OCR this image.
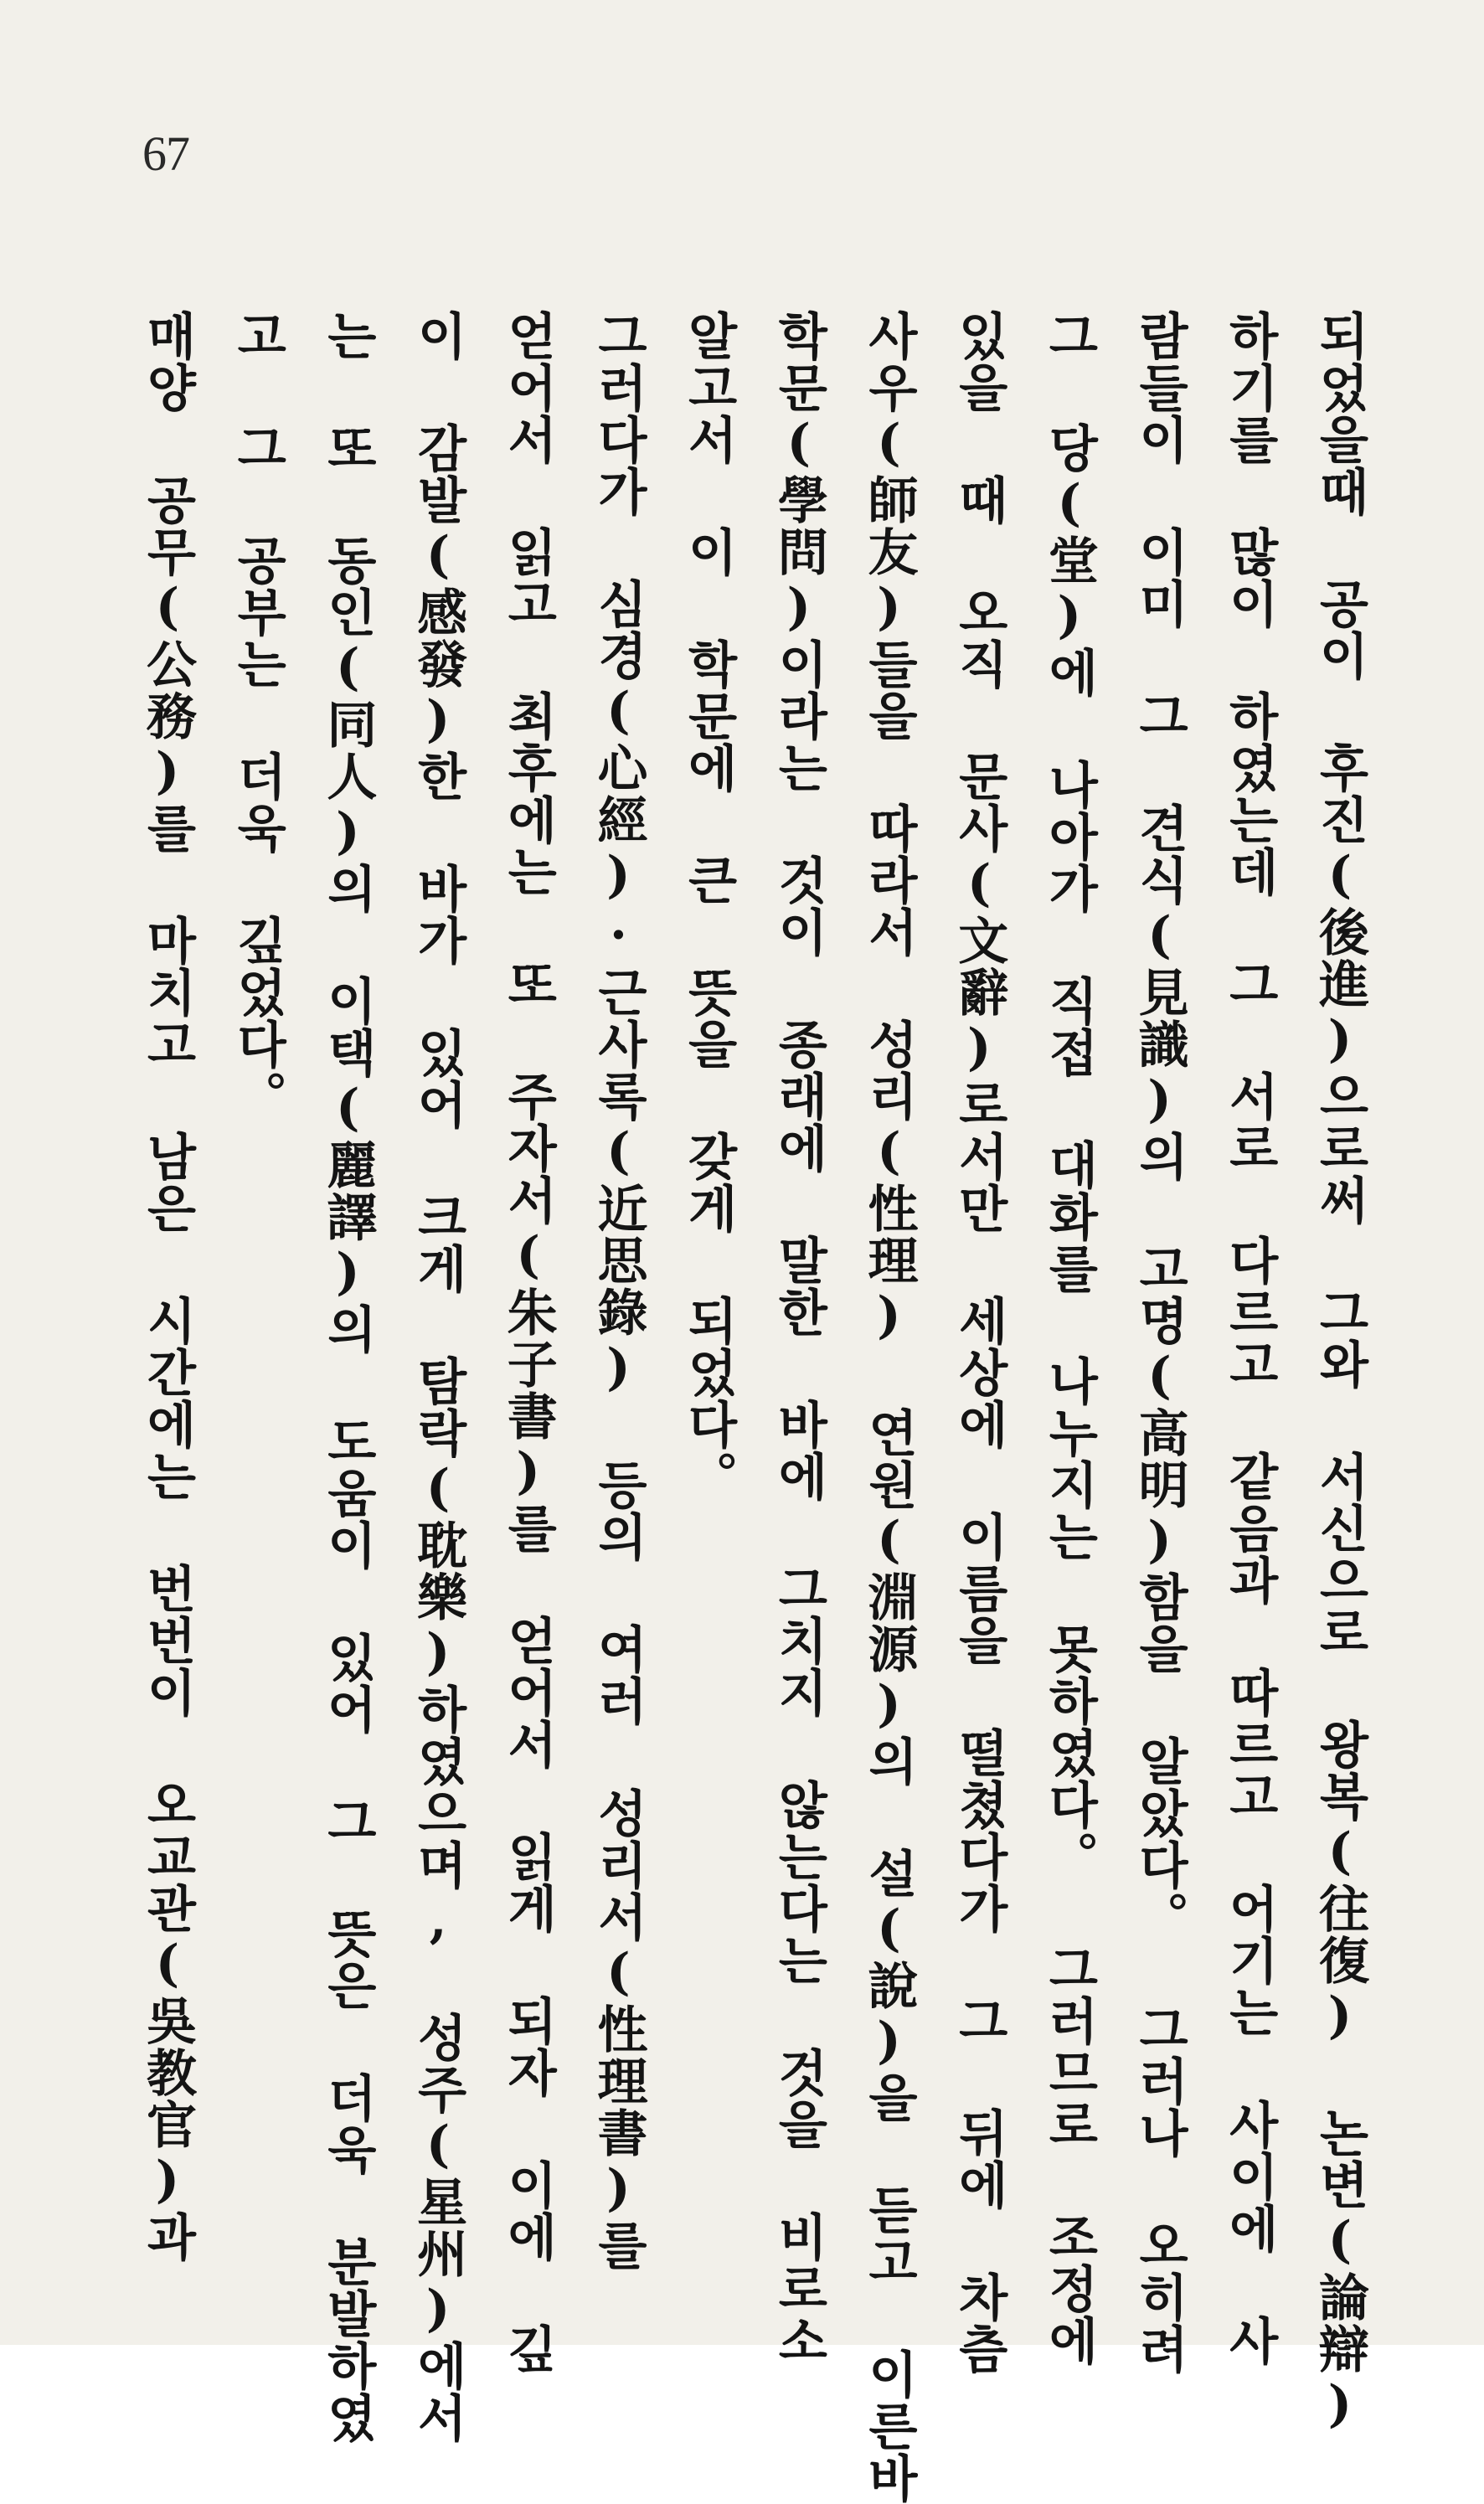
67
되었을때 공이 후진(後進)으로써 그와 서신으로 왕복(往復) 논변(論辯)
하기를 많이 하였는데 그 서로 다르고 같음과 따르고 어기는 사이에 사
람들이 이미 그 견식(見識)의 고명(高明)함을 알았다。 그러나 오히려
그 당(堂)에 나아가 직접 대화를 나누지는 못하였다。 그러므로 조정에
있을 때 오직 문사(文辭)로서만 세상에 이름을 떨쳤다가 그 뒤에 차츰
사우(師友)들을 따라서 성리(性理) 연원(淵源)의 설(說)을 듣고 이른바
학문(學問)이라는 것이 종래에 말한 바에 그치지 않는다는 것을 비로소
알고서 이 학문에 큰 뜻을 갖게 되었다。
그러다가 심경(心經)·근사록(近思錄) 등의 여러 성리서(性理書)를
얻어서 읽고 최후에는 또 주자서(朱子書)를 얻어서 읽게 되자 이에 깊
이 감발(感發)한 바가 있어 크게 탐락(耽樂)하였으며, 성주(星州)에서
는 또 동인(同人)의 이택(麗譯)의 도움이 있어 그 뜻은 더욱 분발하였
고 그 공부는 더욱 깊었다。
매양 공무(公務)를 마치고 남은 시간에는 번번이 오교관(吳教官)과
